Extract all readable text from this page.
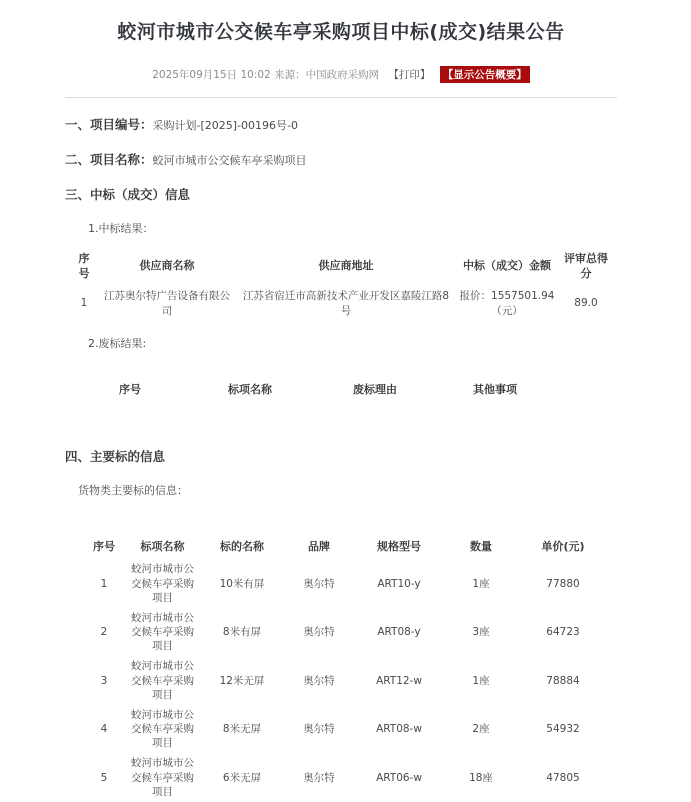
蛟河市城市公交候车亭采购项目中标(成交)结果公告
2025年09月15日 10:02 来源：中国政府采购网 【打印】 【显示公告概要】

一、项目编号：采购计划-[2025]-00196号-0

二、项目名称：蛟河市城市公交候车亭采购项目

三、中标（成交）信息

1.中标结果：

序号	供应商名称	供应商地址	中标（成交）金额	评审总得分
1	江苏奥尔特广告设备有限公司	江苏省宿迁市高新技术产业开发区嘉陵江路8号	报价：1557501.94（元）	89.0

2.废标结果:

序号	标项名称	废标理由	其他事项

四、主要标的信息

货物类主要标的信息：

序号	标项名称	标的名称	品牌	规格型号	数量	单价(元)
1	蛟河市城市公交候车亭采购项目	10米有屏	奥尔特	ART10-y	1座	77880
2	蛟河市城市公交候车亭采购项目	8米有屏	奥尔特	ART08-y	3座	64723
3	蛟河市城市公交候车亭采购项目	12米无屏	奥尔特	ART12-w	1座	78884
4	蛟河市城市公交候车亭采购项目	8米无屏	奥尔特	ART08-w	2座	54932
5	蛟河市城市公交候车亭采购项目	6米无屏	奥尔特	ART06-w	18座	47805
